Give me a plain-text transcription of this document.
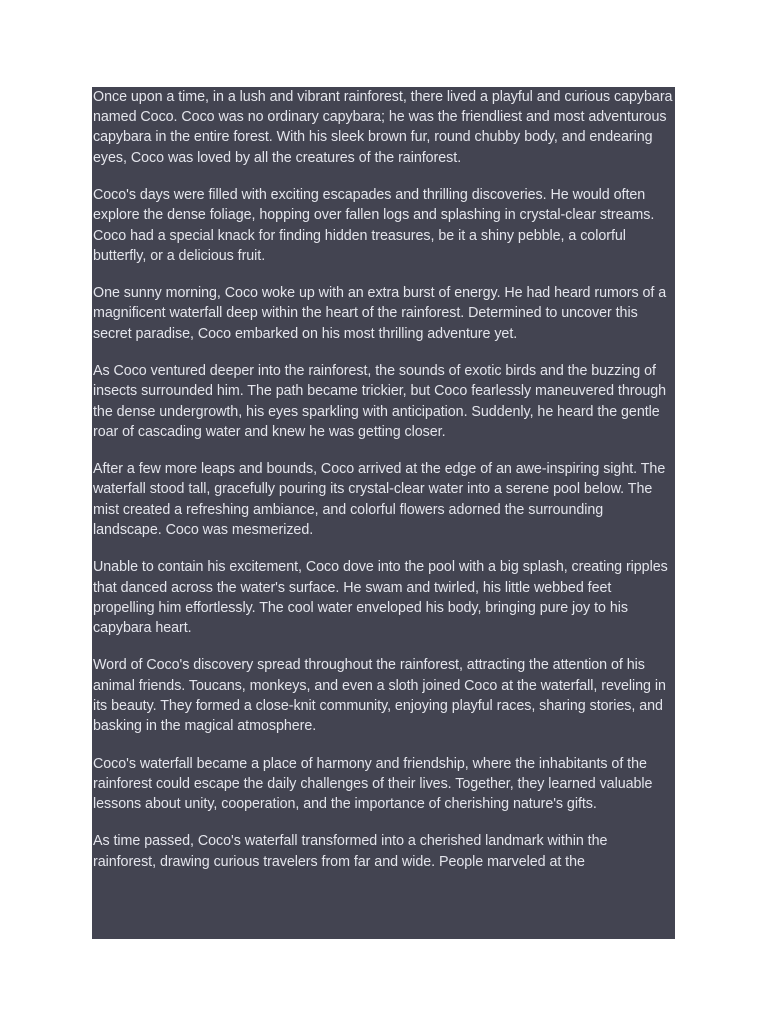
Once upon a time, in a lush and vibrant rainforest, there lived a playful and curious capybara named Coco. Coco was no ordinary capybara; he was the friendliest and most adventurous capybara in the entire forest. With his sleek brown fur, round chubby body, and endearing eyes, Coco was loved by all the creatures of the rainforest.

Coco's days were filled with exciting escapades and thrilling discoveries. He would often explore the dense foliage, hopping over fallen logs and splashing in crystal-clear streams. Coco had a special knack for finding hidden treasures, be it a shiny pebble, a colorful butterfly, or a delicious fruit.

One sunny morning, Coco woke up with an extra burst of energy. He had heard rumors of a magnificent waterfall deep within the heart of the rainforest. Determined to uncover this secret paradise, Coco embarked on his most thrilling adventure yet.

As Coco ventured deeper into the rainforest, the sounds of exotic birds and the buzzing of insects surrounded him. The path became trickier, but Coco fearlessly maneuvered through the dense undergrowth, his eyes sparkling with anticipation. Suddenly, he heard the gentle roar of cascading water and knew he was getting closer.

After a few more leaps and bounds, Coco arrived at the edge of an awe-inspiring sight. The waterfall stood tall, gracefully pouring its crystal-clear water into a serene pool below. The mist created a refreshing ambiance, and colorful flowers adorned the surrounding landscape. Coco was mesmerized.

Unable to contain his excitement, Coco dove into the pool with a big splash, creating ripples that danced across the water's surface. He swam and twirled, his little webbed feet propelling him effortlessly. The cool water enveloped his body, bringing pure joy to his capybara heart.

Word of Coco's discovery spread throughout the rainforest, attracting the attention of his animal friends. Toucans, monkeys, and even a sloth joined Coco at the waterfall, reveling in its beauty. They formed a close-knit community, enjoying playful races, sharing stories, and basking in the magical atmosphere.

Coco's waterfall became a place of harmony and friendship, where the inhabitants of the rainforest could escape the daily challenges of their lives. Together, they learned valuable lessons about unity, cooperation, and the importance of cherishing nature's gifts.

As time passed, Coco's waterfall transformed into a cherished landmark within the rainforest, drawing curious travelers from far and wide. People marveled at the
